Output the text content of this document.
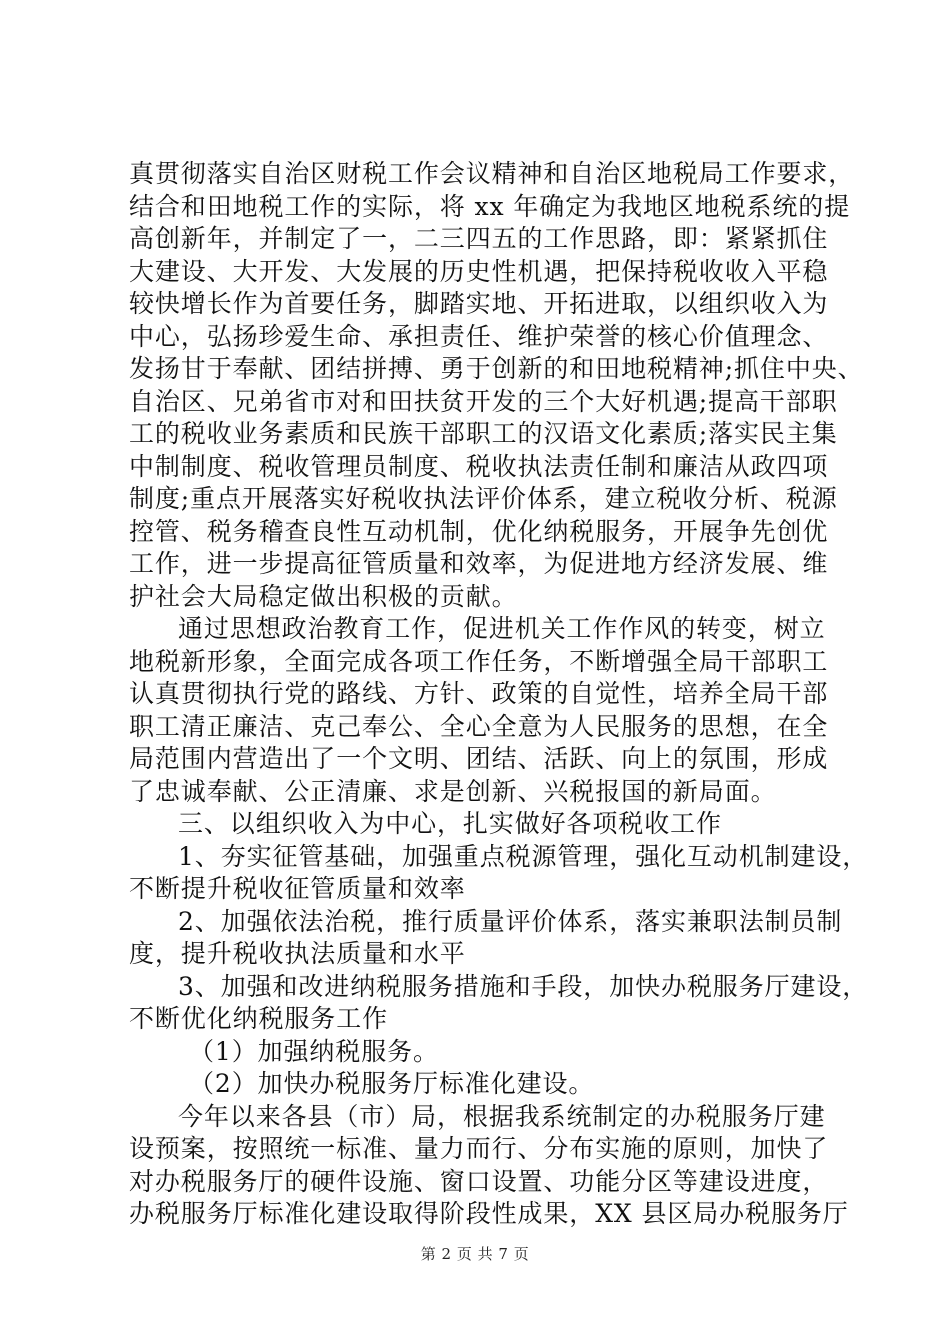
真贯彻落实自治区财税工作会议精神和自治区地税局工作要求，
结合和田地税工作的实际，将 xx 年确定为我地区地税系统的提
高创新年，并制定了一，二三四五的工作思路，即：紧紧抓住
大建设、大开发、大发展的历史性机遇，把保持税收收入平稳
较快增长作为首要任务，脚踏实地、开拓进取，以组织收入为
中心，弘扬珍爱生命、承担责任、维护荣誉的核心价值理念、
发扬甘于奉献、团结拼搏、勇于创新的和田地税精神;抓住中央、
自治区、兄弟省市对和田扶贫开发的三个大好机遇;提高干部职
工的税收业务素质和民族干部职工的汉语文化素质;落实民主集
中制制度、税收管理员制度、税收执法责任制和廉洁从政四项
制度;重点开展落实好税收执法评价体系，建立税收分析、税源
控管、税务稽查良性互动机制，优化纳税服务，开展争先创优
工作，进一步提高征管质量和效率，为促进地方经济发展、维
护社会大局稳定做出积极的贡献。
通过思想政治教育工作，促进机关工作作风的转变，树立
地税新形象，全面完成各项工作任务，不断增强全局干部职工
认真贯彻执行党的路线、方针、政策的自觉性，培养全局干部
职工清正廉洁、克己奉公、全心全意为人民服务的思想，在全
局范围内营造出了一个文明、团结、活跃、向上的氛围，形成
了忠诚奉献、公正清廉、求是创新、兴税报国的新局面。
三、以组织收入为中心，扎实做好各项税收工作
1、夯实征管基础，加强重点税源管理，强化互动机制建设，
不断提升税收征管质量和效率
2、加强依法治税，推行质量评价体系，落实兼职法制员制
度，提升税收执法质量和水平
3、加强和改进纳税服务措施和手段，加快办税服务厅建设，
不断优化纳税服务工作
（1）加强纳税服务。
（2）加快办税服务厅标准化建设。
今年以来各县（市）局，根据我系统制定的办税服务厅建
设预案，按照统一标准、量力而行、分布实施的原则，加快了
对办税服务厅的硬件设施、窗口设置、功能分区等建设进度，
办税服务厅标准化建设取得阶段性成果，XX 县区局办税服务厅
第 2 页 共 7 页
